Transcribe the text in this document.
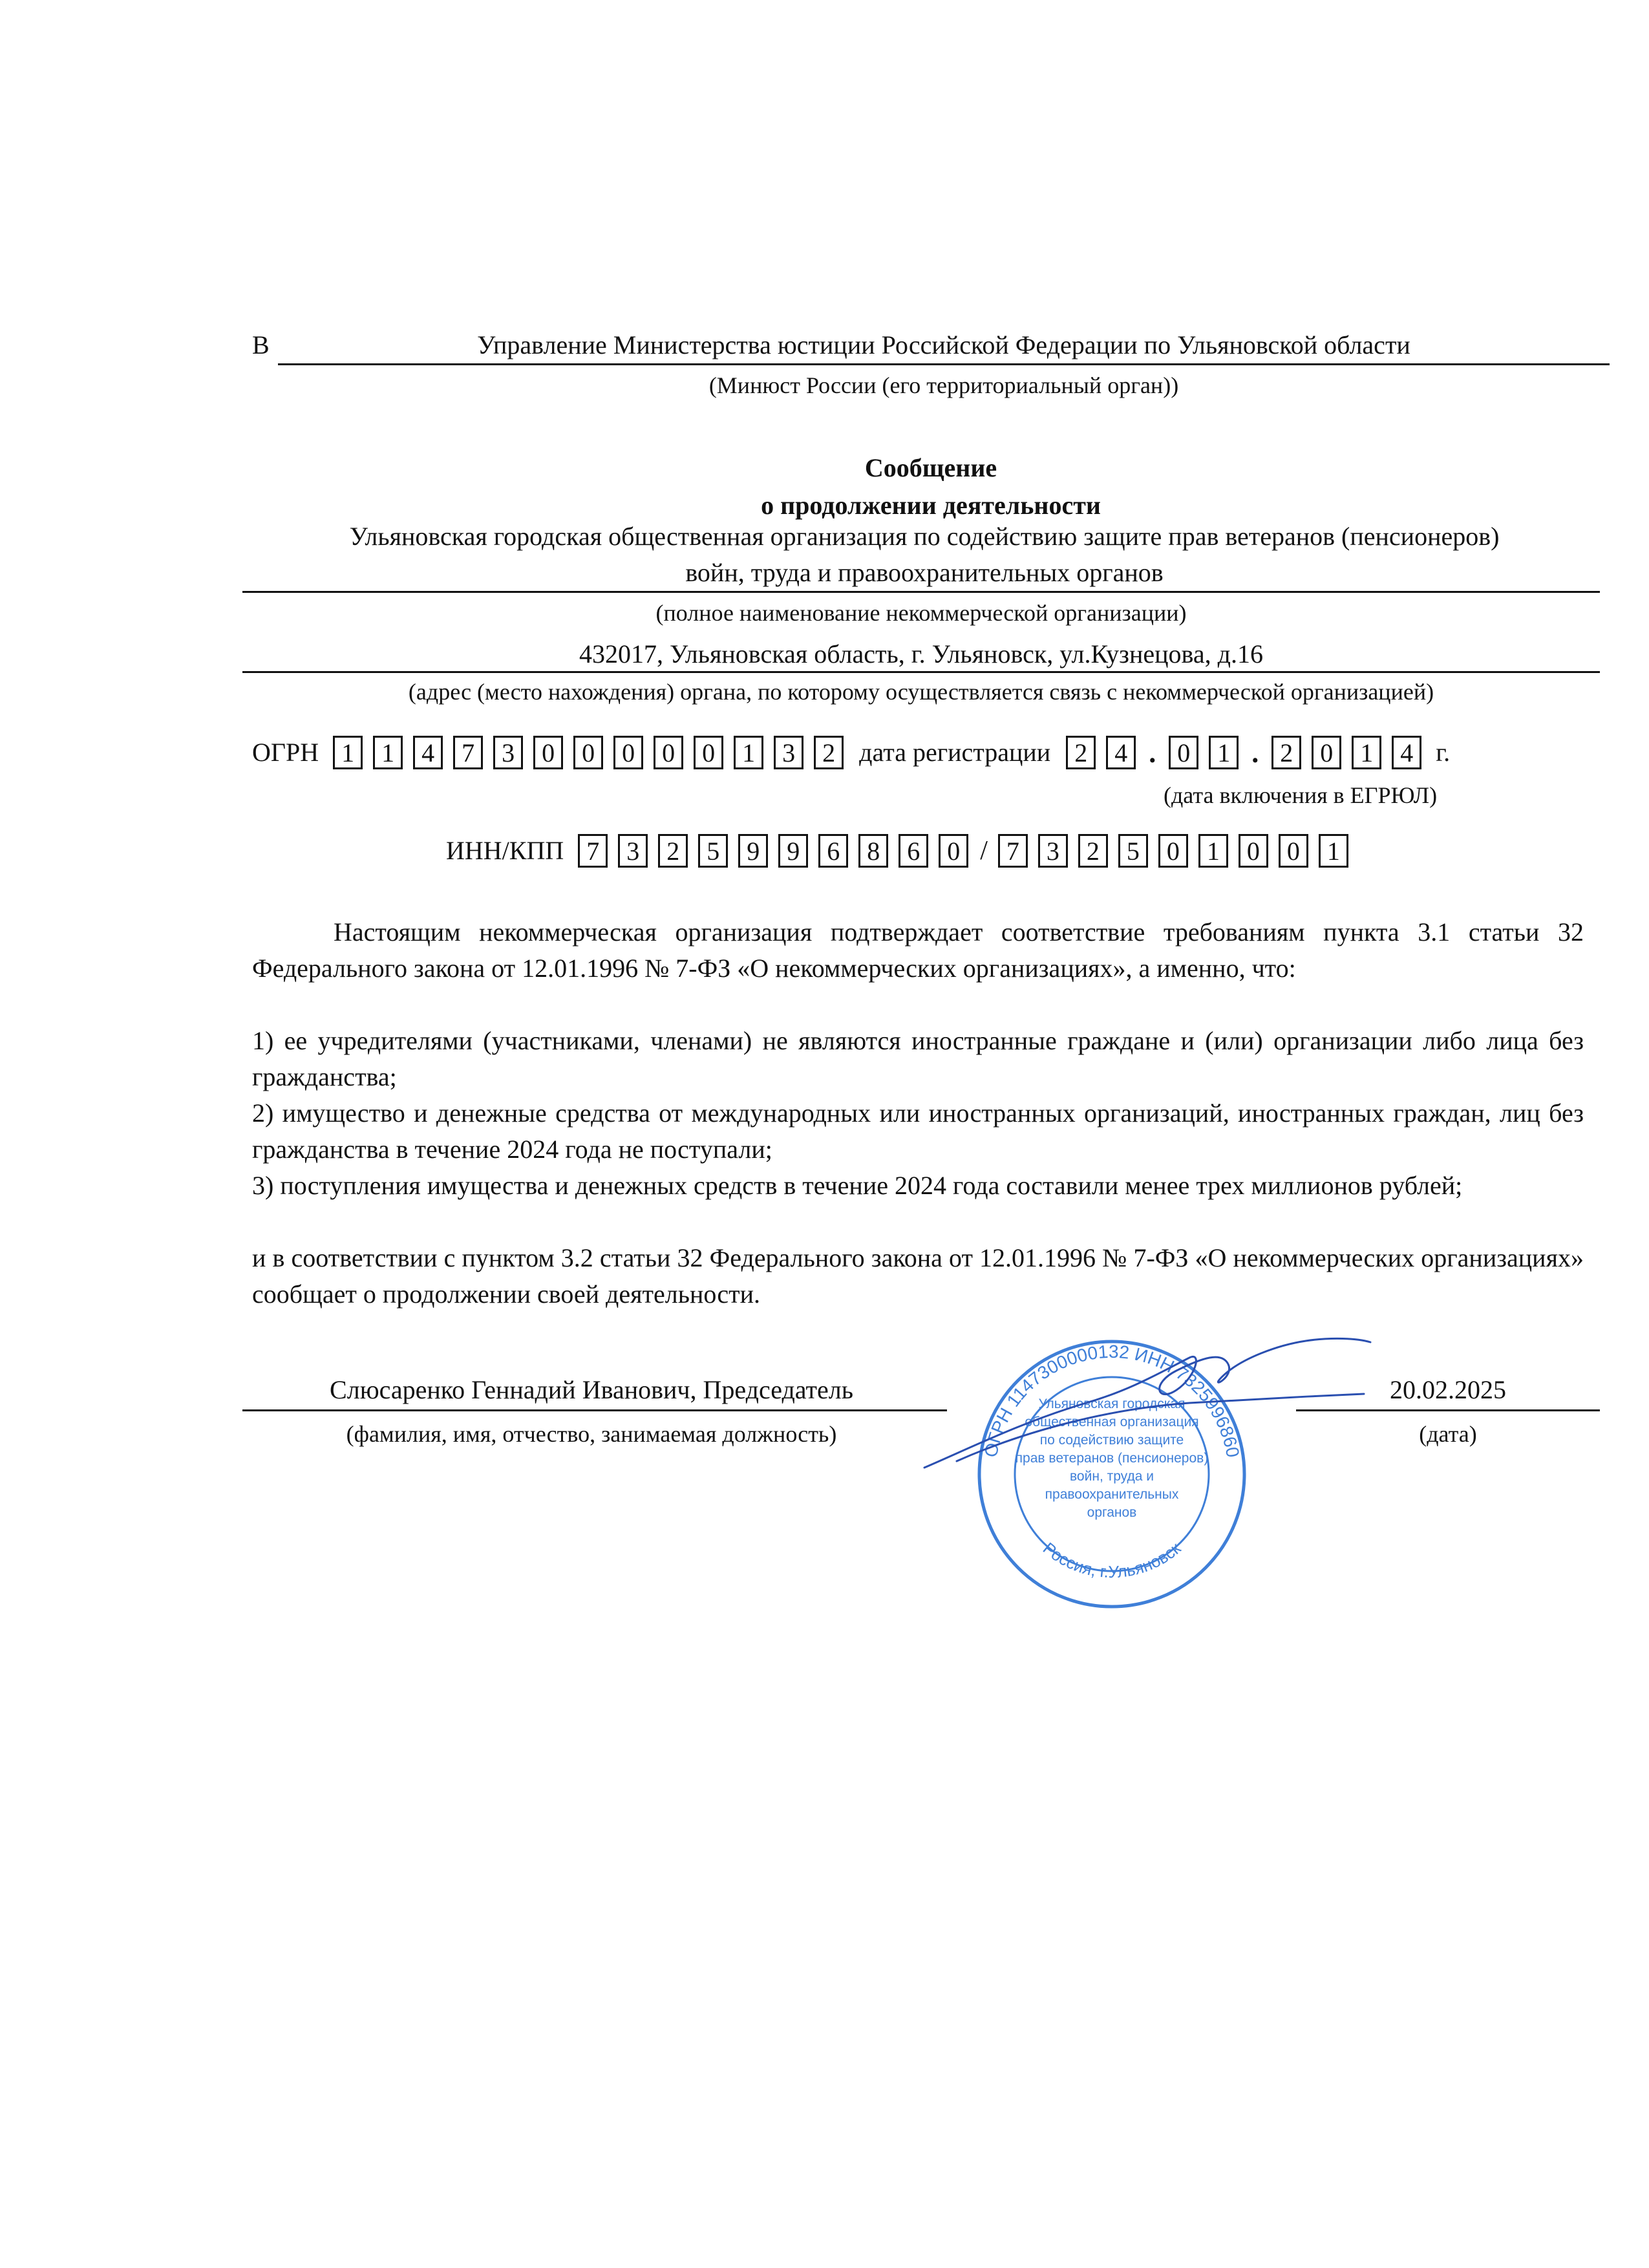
В	Управление Министерства юстиции Российской Федерации по Ульяновской области
(Минюст России (его территориальный орган))
Сообщение
о продолжении деятельности
Ульяновская городская общественная организация по содействию защите прав ветеранов (пенсионеров)
войн, труда и правоохранительных органов
(полное наименование некоммерческой организации)
432017, Ульяновская область, г. Ульяновск, ул.Кузнецова, д.16
(адрес (место нахождения) органа, по которому осуществляется связь с некоммерческой организацией)
ОГРН 1	1	4	7	3	0	0	0	0	0	1	3	2 дата регистрации 2	4 . 0	1 . 2	0	1	4 г.
(дата включения в ЕГРЮЛ)
ИНН/КПП 7	3	2	5	9	9	6	8	6	0 / 7	3	2	5	0	1	0	0	1
Настоящим некоммерческая организация подтверждает соответствие требованиям пункта 3.1 статьи 32 Федерального закона от 12.01.1996 № 7-ФЗ «О некоммерческих организациях», а именно, что:
1) ее учредителями (участниками, членами) не являются иностранные граждане и (или) организации либо лица без гражданства;
2) имущество и денежные средства от международных или иностранных организаций, иностранных граждан, лиц без гражданства в течение 2024 года не поступали;
3) поступления имущества и денежных средств в течение 2024 года составили менее трех миллионов рублей;
и в соответствии с пунктом 3.2 статьи 32 Федерального закона от 12.01.1996 № 7-ФЗ «О некоммерческих организациях» сообщает о продолжении своей деятельности.
Слюсаренко Геннадий Иванович, Председатель
(фамилия, имя, отчество, занимаемая должность)
20.02.2025
(дата)
ОГРН 1147300000132 ИНН 7325996860
Россия, г.Ульяновск
Ульяновская городская
общественная организация
по содействию защите
прав ветеранов (пенсионеров)
войн, труда и
правоохранительных
органов
